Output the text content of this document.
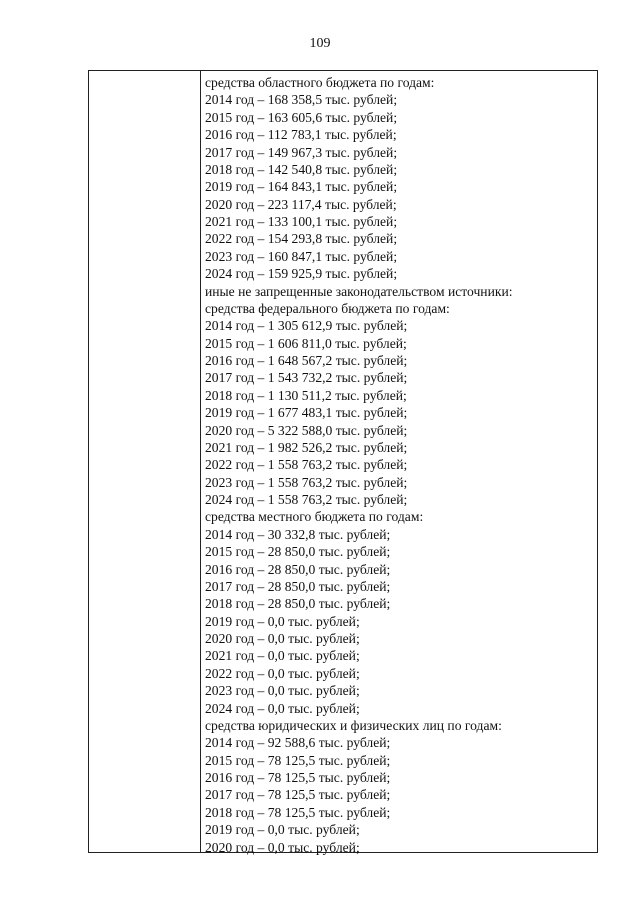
109
средства областного бюджета по годам:
2014 год – 168 358,5 тыс. рублей;
2015 год – 163 605,6 тыс. рублей;
2016 год – 112 783,1 тыс. рублей;
2017 год – 149 967,3 тыс. рублей;
2018 год – 142 540,8 тыс. рублей;
2019 год – 164 843,1 тыс. рублей;
2020 год – 223 117,4 тыс. рублей;
2021 год – 133 100,1 тыс. рублей;
2022 год – 154 293,8 тыс. рублей;
2023 год – 160 847,1 тыс. рублей;
2024 год – 159 925,9 тыс. рублей;
иные не запрещенные законодательством источники:
средства федерального бюджета по годам:
2014 год – 1 305 612,9 тыс. рублей;
2015 год – 1 606 811,0 тыс. рублей;
2016 год – 1 648 567,2 тыс. рублей;
2017 год – 1 543 732,2 тыс. рублей;
2018 год – 1 130 511,2 тыс. рублей;
2019 год – 1 677 483,1 тыс. рублей;
2020 год – 5 322 588,0 тыс. рублей;
2021 год – 1 982 526,2 тыс. рублей;
2022 год – 1 558 763,2 тыс. рублей;
2023 год – 1 558 763,2 тыс. рублей;
2024 год – 1 558 763,2 тыс. рублей;
средства местного бюджета по годам:
2014 год – 30 332,8 тыс. рублей;
2015 год – 28 850,0 тыс. рублей;
2016 год – 28 850,0 тыс. рублей;
2017 год – 28 850,0 тыс. рублей;
2018 год – 28 850,0 тыс. рублей;
2019 год – 0,0 тыс. рублей;
2020 год – 0,0 тыс. рублей;
2021 год – 0,0 тыс. рублей;
2022 год – 0,0 тыс. рублей;
2023 год – 0,0 тыс. рублей;
2024 год – 0,0 тыс. рублей;
средства юридических и физических лиц по годам:
2014 год – 92 588,6 тыс. рублей;
2015 год – 78 125,5 тыс. рублей;
2016 год – 78 125,5 тыс. рублей;
2017 год – 78 125,5 тыс. рублей;
2018 год – 78 125,5 тыс. рублей;
2019 год – 0,0 тыс. рублей;
2020 год – 0,0 тыс. рублей;
